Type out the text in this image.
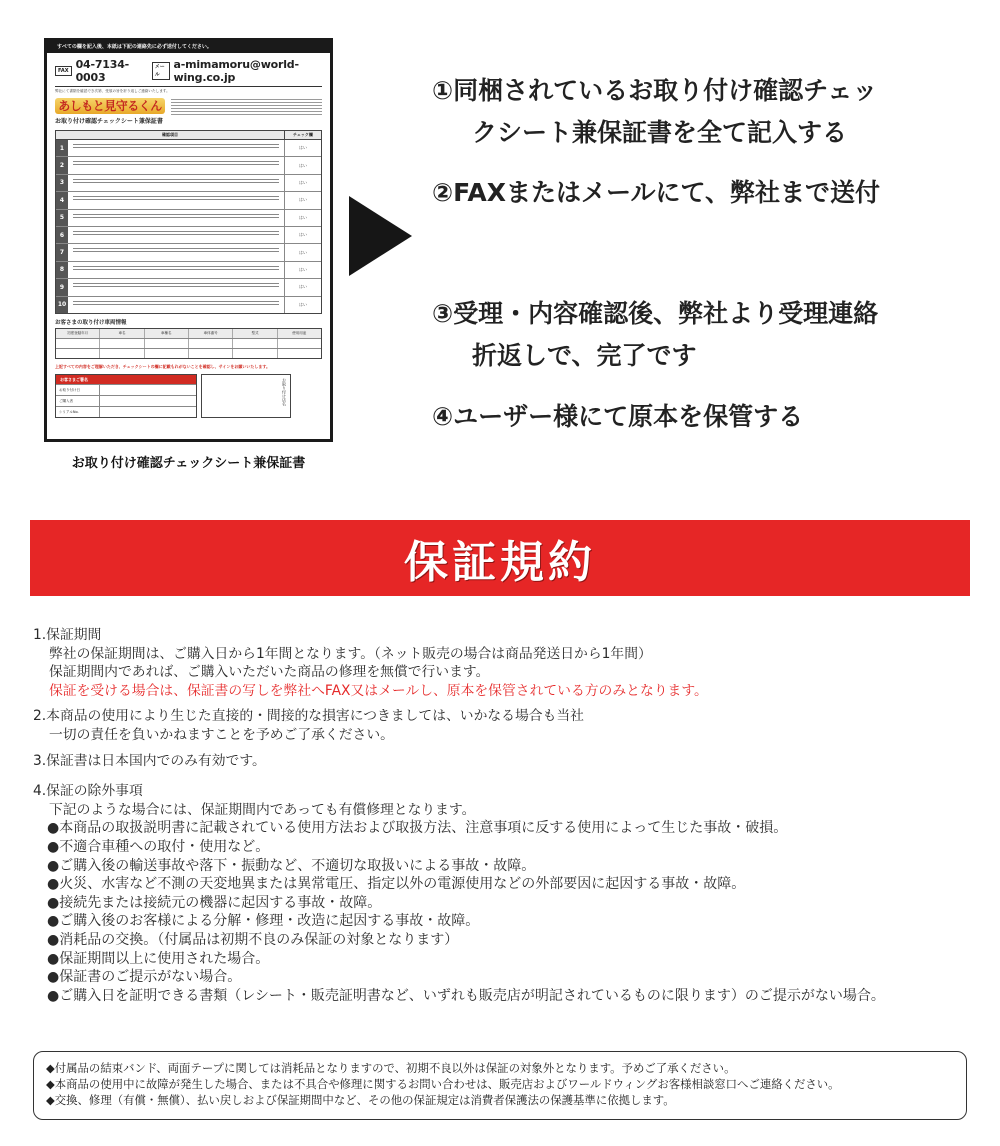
すべての欄を記入後、本紙は下記の連絡先に必ず送付してください。
FAX 04-7134-0003
メール
a-mimamoru@world-wing.co.jp
弊社にて書類を確認でき次第、受領の旨を折り返しご連絡いたします。
あしもと見守るくん
お取り付け確認チェックシート兼保証書
確認項目	チェック欄
1	はい
2	はい
3	はい
4	はい
5	はい
6	はい
7	はい
8	はい
9	はい
10	はい
お客さまの取り付け車両情報
初度登録年月	車名	車種名	車体番号	型式	使用用途
上記すべての内容をご理解いただき、チェックシートの欄に記載もれがないことを確認し、サインをお願いいたします。
お客さまご署名
お取り付け日
ご購入者
シリアルNo.
お取り付け店名
お取り付け確認チェックシート兼保証書
①同梱されているお取り付け確認チェッ
クシート兼保証書を全て記入する
②FAXまたはメールにて、弊社まで送付
③受理・内容確認後、弊社より受理連絡
折返しで、完了です
④ユーザー様にて原本を保管する
保証規約

1.保証期間

弊社の保証期間は、ご購入日から1年間となります。（ネット販売の場合は商品発送日から1年間）

保証期間内であれば、ご購入いただいた商品の修理を無償で行います。

保証を受ける場合は、保証書の写しを弊社へFAX又はメールし、原本を保管されている方のみとなります。

2.本商品の使用により生じた直接的・間接的な損害につきましては、いかなる場合も当社

一切の責任を負いかねますことを予めご了承ください。

3.保証書は日本国内でのみ有効です。

4.保証の除外事項

下記のような場合には、保証期間内であっても有償修理となります。

●本商品の取扱説明書に記載されている使用方法および取扱方法、注意事項に反する使用によって生じた事故・破損。

●不適合車種への取付・使用など。

●ご購入後の輸送事故や落下・振動など、不適切な取扱いによる事故・故障。

●火災、水害など不測の天変地異または異常電圧、指定以外の電源使用などの外部要因に起因する事故・故障。

●接続先または接続元の機器に起因する事故・故障。

●ご購入後のお客様による分解・修理・改造に起因する事故・故障。

●消耗品の交換。（付属品は初期不良のみ保証の対象となります）

●保証期間以上に使用された場合。

●保証書のご提示がない場合。

●ご購入日を証明できる書類（レシート・販売証明書など、いずれも販売店が明記されているものに限ります）のご提示がない場合。

◆付属品の結束バンド、両面テープに関しては消耗品となりますので、初期不良以外は保証の対象外となります。予めご了承ください。

◆本商品の使用中に故障が発生した場合、または不具合や修理に関するお問い合わせは、販売店およびワールドウィングお客様相談窓口へご連絡ください。

◆交換、修理（有償・無償）、払い戻しおよび保証期間中など、その他の保証規定は消費者保護法の保護基準に依拠します。
